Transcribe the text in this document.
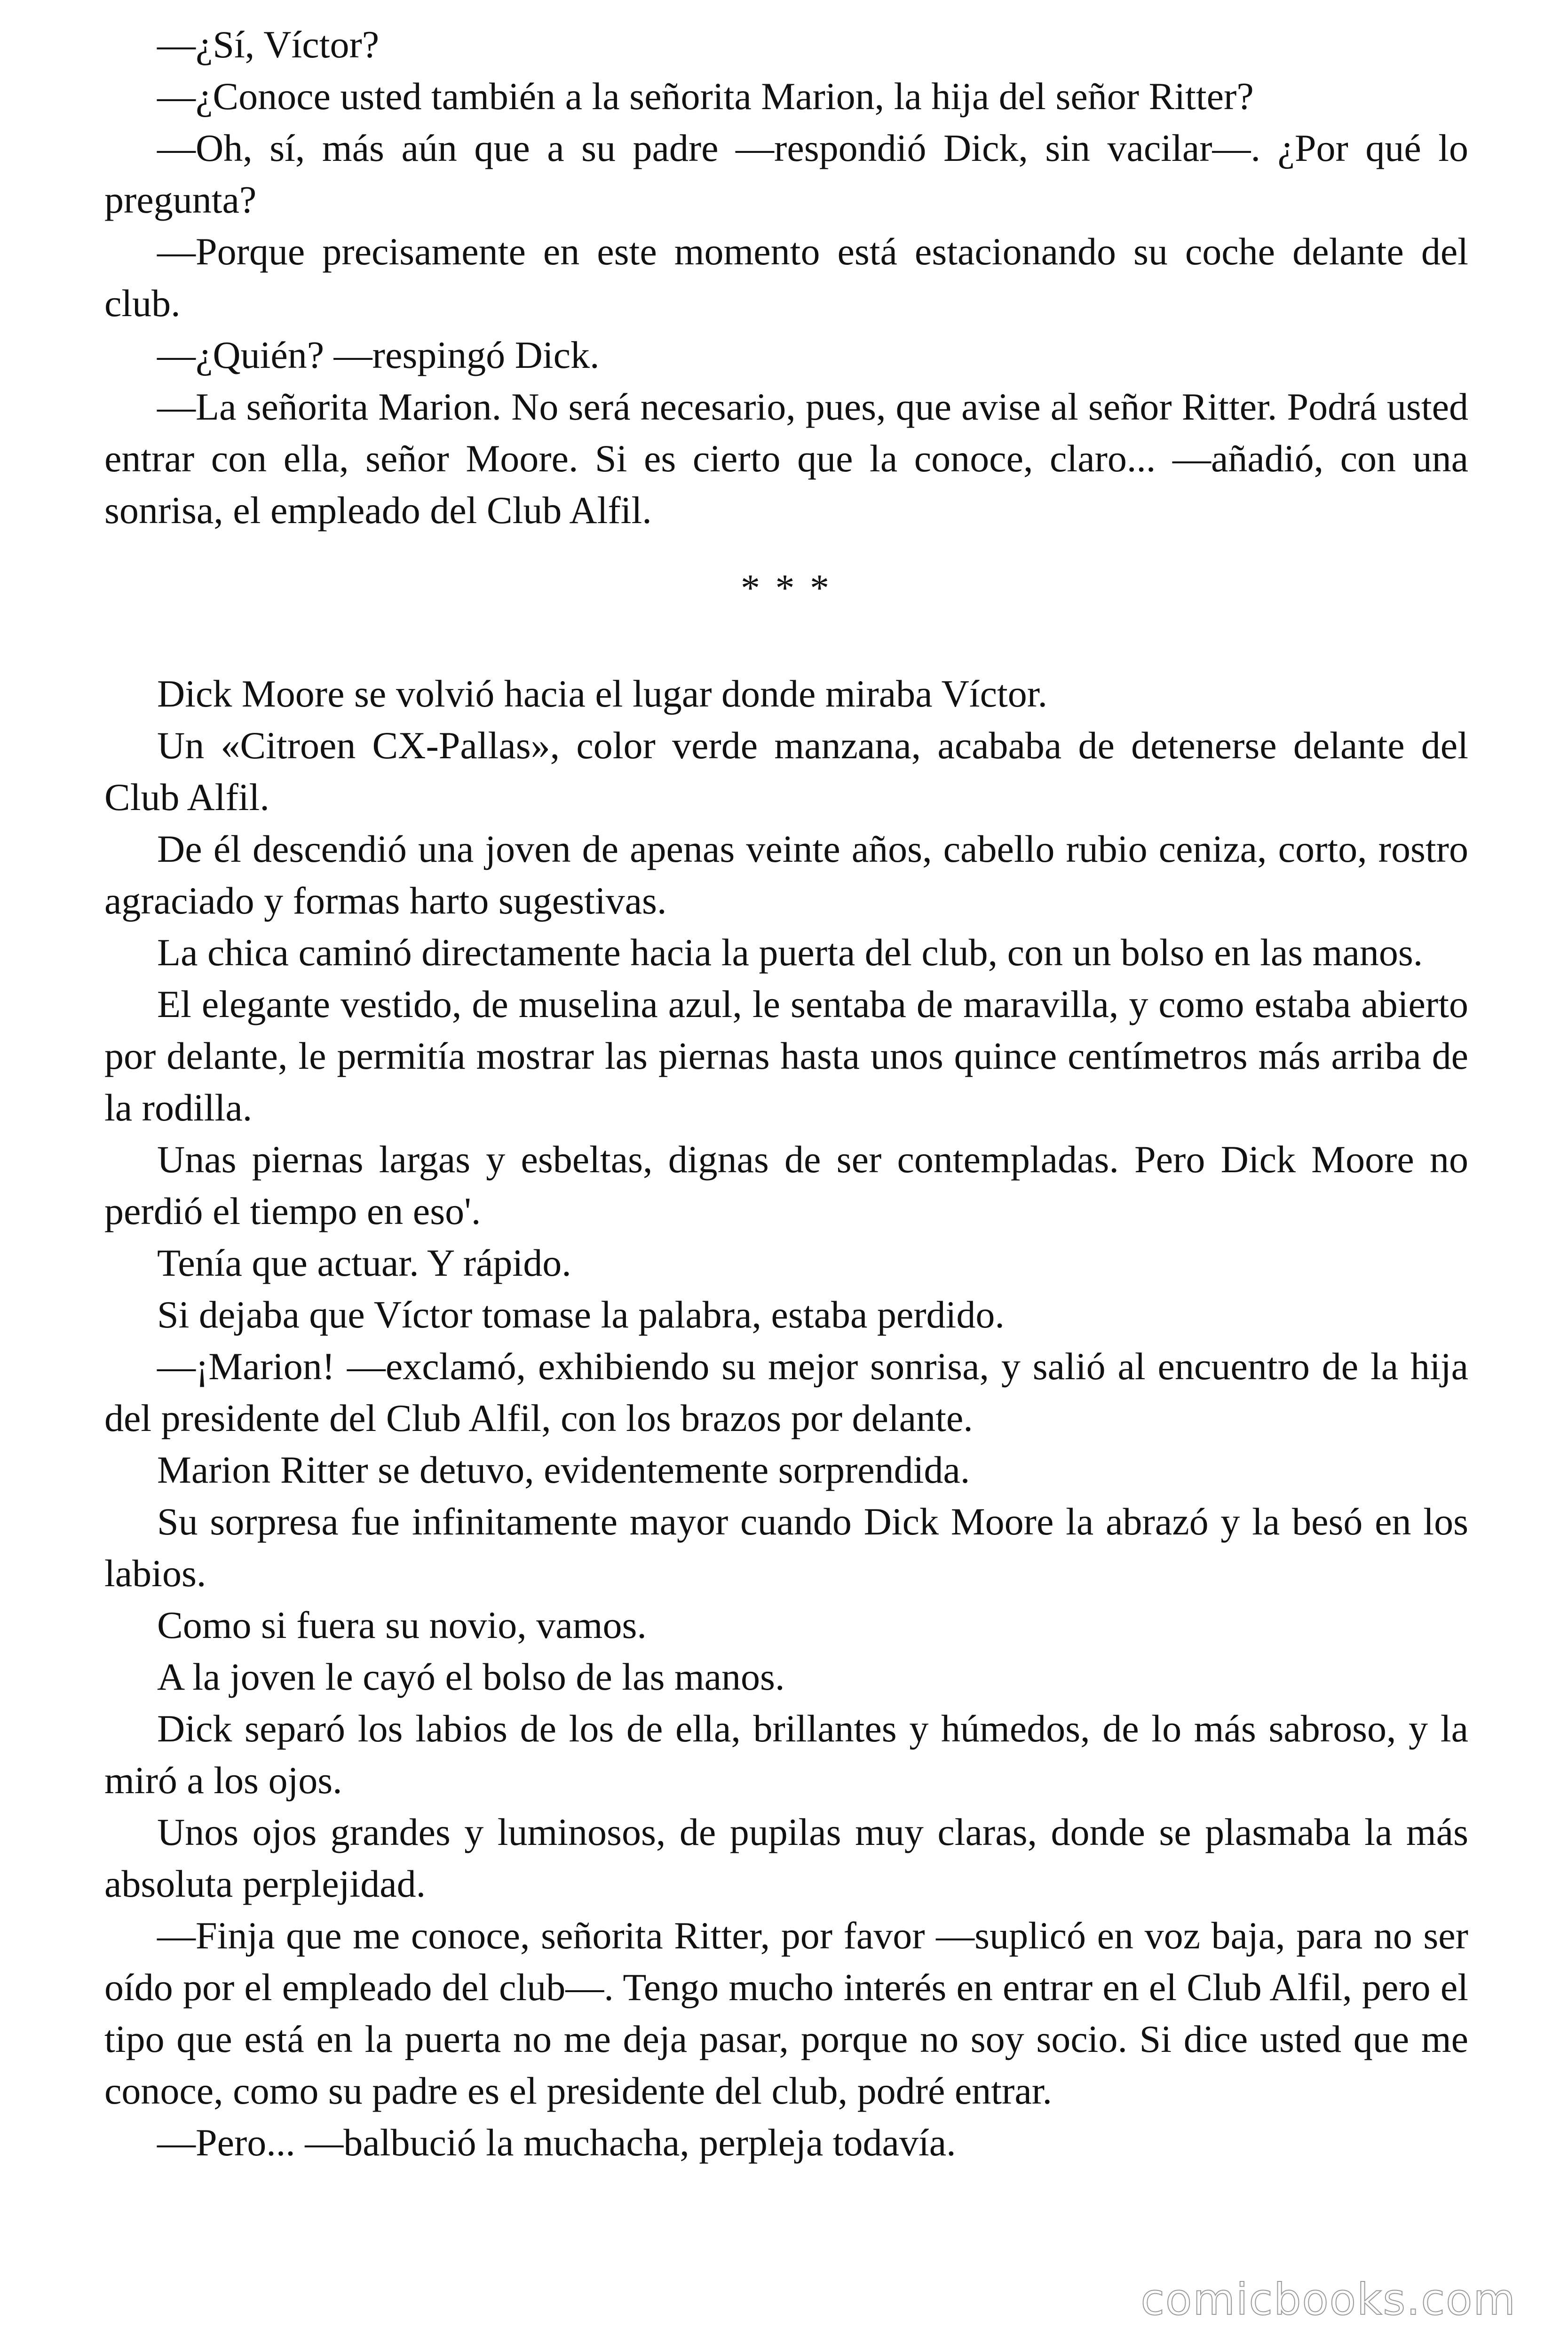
—¿Sí, Víctor?

—¿Conoce usted también a la señorita Marion, la hija del señor Ritter?

—Oh, sí, más aún que a su padre —respondió Dick, sin vacilar—. ¿Por qué lo pregunta?

—Porque precisamente en este momento está estacionando su coche delante del club.

—¿Quién? —respingó Dick.

—La señorita Marion. No será necesario, pues, que avise al señor Ritter. Podrá usted entrar con ella, señor Moore. Si es cierto que la conoce, claro... —añadió, con una sonrisa, el empleado del Club Alfil.

* * *

Dick Moore se volvió hacia el lugar donde miraba Víctor.

Un «Citroen CX-Pallas», color verde manzana, acababa de detenerse delante del Club Alfil.

De él descendió una joven de apenas veinte años, cabello rubio ceniza, corto, rostro agraciado y formas harto sugestivas.

La chica caminó directamente hacia la puerta del club, con un bolso en las manos.

El elegante vestido, de muselina azul, le sentaba de maravilla, y como estaba abierto por delante, le permitía mostrar las piernas hasta unos quince centímetros más arriba de la rodilla.

Unas piernas largas y esbeltas, dignas de ser contempladas. Pero Dick Moore no perdió el tiempo en eso'.

Tenía que actuar. Y rápido.

Si dejaba que Víctor tomase la palabra, estaba perdido.

—¡Marion! —exclamó, exhibiendo su mejor sonrisa, y salió al encuentro de la hija del presidente del Club Alfil, con los brazos por delante.

Marion Ritter se detuvo, evidentemente sorprendida.

Su sorpresa fue infinitamente mayor cuando Dick Moore la abrazó y la besó en los labios.

Como si fuera su novio, vamos.

A la joven le cayó el bolso de las manos.

Dick separó los labios de los de ella, brillantes y húmedos, de lo más sabroso, y la miró a los ojos.

Unos ojos grandes y luminosos, de pupilas muy claras, donde se plasmaba la más absoluta perplejidad.

—Finja que me conoce, señorita Ritter, por favor —suplicó en voz baja, para no ser oído por el empleado del club—. Tengo mucho interés en entrar en el Club Alfil, pero el tipo que está en la puerta no me deja pasar, porque no soy socio. Si dice usted que me conoce, como su padre es el presidente del club, podré entrar.

—Pero... —balbució la muchacha, perpleja todavía.

comicbooks.com
